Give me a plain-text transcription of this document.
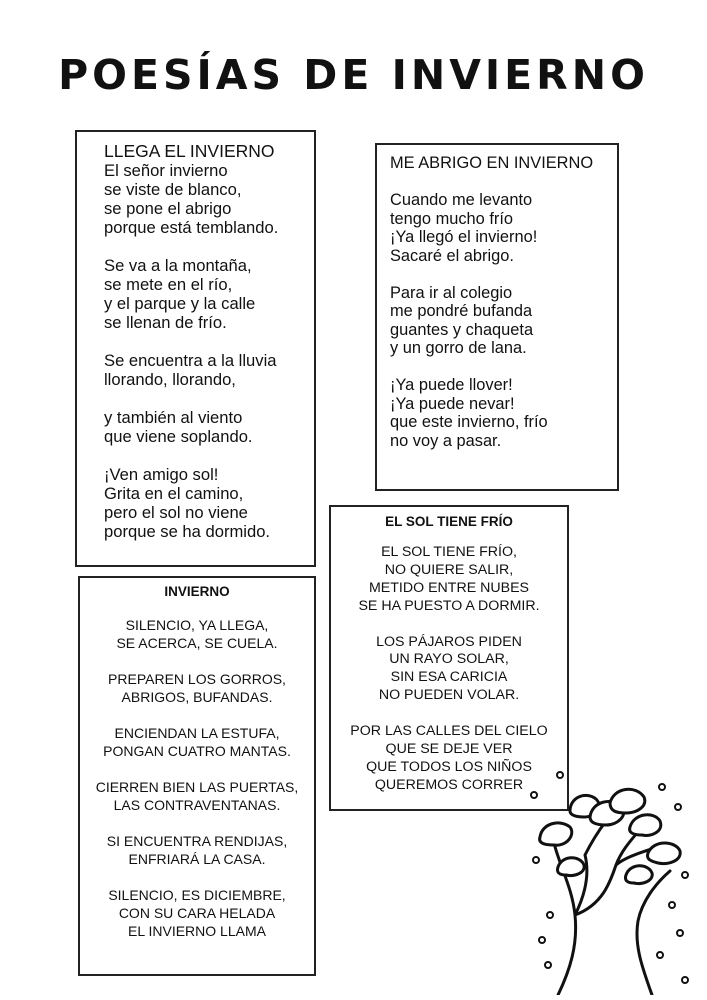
POESÍAS DE INVIERNO
LLEGA EL INVIERNO
El señor invierno
se viste de blanco,
se pone el abrigo
porque está temblando.

Se va a la montaña,
se mete en el río,
y el parque y la calle
se llenan de frío.

Se encuentra a la lluvia
llorando, llorando,

y también al viento
que viene soplando.

¡Ven amigo sol!
Grita en el camino,
pero el sol no viene
porque se ha dormido.
ME ABRIGO EN INVIERNO
Cuando me levanto
tengo mucho frío
¡Ya llegó el invierno!
Sacaré el abrigo.

Para ir al colegio
me pondré bufanda
guantes y chaqueta
y un gorro de lana.

¡Ya puede llover!
¡Ya puede nevar!
que este invierno, frío
no voy a pasar.
EL SOL TIENE FRÍO
EL SOL TIENE FRÍO,
NO QUIERE SALIR,
METIDO ENTRE NUBES
SE HA PUESTO A DORMIR.

LOS PÁJAROS PIDEN
UN RAYO SOLAR,
SIN ESA CARICIA
NO PUEDEN VOLAR.

POR LAS CALLES DEL CIELO
QUE SE DEJE VER
QUE TODOS LOS NIÑOS
QUEREMOS CORRER
INVIERNO
SILENCIO, YA LLEGA,
SE ACERCA, SE CUELA.

PREPAREN LOS GORROS,
ABRIGOS, BUFANDAS.

ENCIENDAN LA ESTUFA,
PONGAN CUATRO MANTAS.

CIERREN BIEN LAS PUERTAS,
LAS CONTRAVENTANAS.

SI ENCUENTRA RENDIJAS,
ENFRIARÁ LA CASA.

SILENCIO, ES DICIEMBRE,
CON SU CARA HELADA
EL INVIERNO LLAMA
